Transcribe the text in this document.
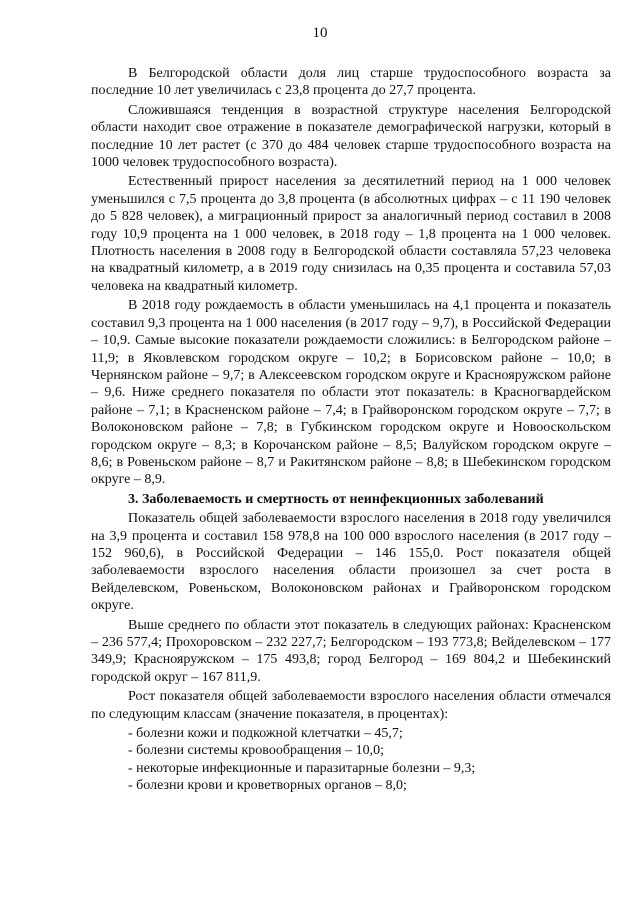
10

В Белгородской области доля лиц старше трудоспособного возраста за последние 10 лет увеличилась с 23,8 процента до 27,7 процента.

Сложившаяся тенденция в возрастной структуре населения Белгородской области находит свое отражение в показателе демографической нагрузки, который в последние 10 лет растет (с 370 до 484 человек старше трудоспособного возраста на 1000 человек трудоспособного возраста).

Естественный прирост населения за десятилетний период на 1 000 человек уменьшился с 7,5 процента до 3,8 процента (в абсолютных цифрах – с 11 190 человек до 5 828 человек), а миграционный прирост за аналогичный период составил в 2008 году 10,9 процента на 1 000 человек, в 2018 году – 1,8 процента на 1 000 человек. Плотность населения в 2008 году в Белгородской области составляла 57,23 человека на квадратный километр, а в 2019 году снизилась на 0,35 процента и составила 57,03 человека на квадратный километр.

В 2018 году рождаемость в области уменьшилась на 4,1 процента и показатель составил 9,3 процента на 1 000 населения (в 2017 году – 9,7), в Российской Федерации – 10,9. Самые высокие показатели рождаемости сложились: в Белгородском районе – 11,9; в Яковлевском городском округе – 10,2; в Борисовском районе – 10,0; в Чернянском районе – 9,7; в Алексеевском городском округе и Краснояружском районе – 9,6. Ниже среднего показателя по области этот показатель: в Красногвардейском районе – 7,1; в Красненском районе – 7,4; в Грайворонском городском округе – 7,7; в Волоконовском районе – 7,8; в Губкинском городском округе и Новооскольском городском округе – 8,3; в Корочанском районе – 8,5; Валуйском городском округе – 8,6; в Ровеньском районе – 8,7 и Ракитянском районе – 8,8; в Шебекинском городском округе – 8,9.

3. Заболеваемость и смертность от неинфекционных заболеваний

Показатель общей заболеваемости взрослого населения в 2018 году увеличился на 3,9 процента и составил 158 978,8 на 100 000 взрослого населения (в 2017 году – 152 960,6), в Российской Федерации – 146 155,0. Рост показателя общей заболеваемости взрослого населения области произошел за счет роста в Вейделевском, Ровеньском, Волоконовском районах и Грайворонском городском округе.

Выше среднего по области этот показатель в следующих районах: Красненском – 236 577,4; Прохоровском – 232 227,7; Белгородском – 193 773,8; Вейделевском – 177 349,9; Краснояружском – 175 493,8; город Белгород – 169 804,2 и Шебекинский городской округ – 167 811,9.

Рост показателя общей заболеваемости взрослого населения области отмечался по следующим классам (значение показателя, в процентах):

- болезни кожи и подкожной клетчатки – 45,7;
- болезни системы кровообращения – 10,0;
- некоторые инфекционные и паразитарные болезни – 9,3;
- болезни крови и кроветворных органов – 8,0;
